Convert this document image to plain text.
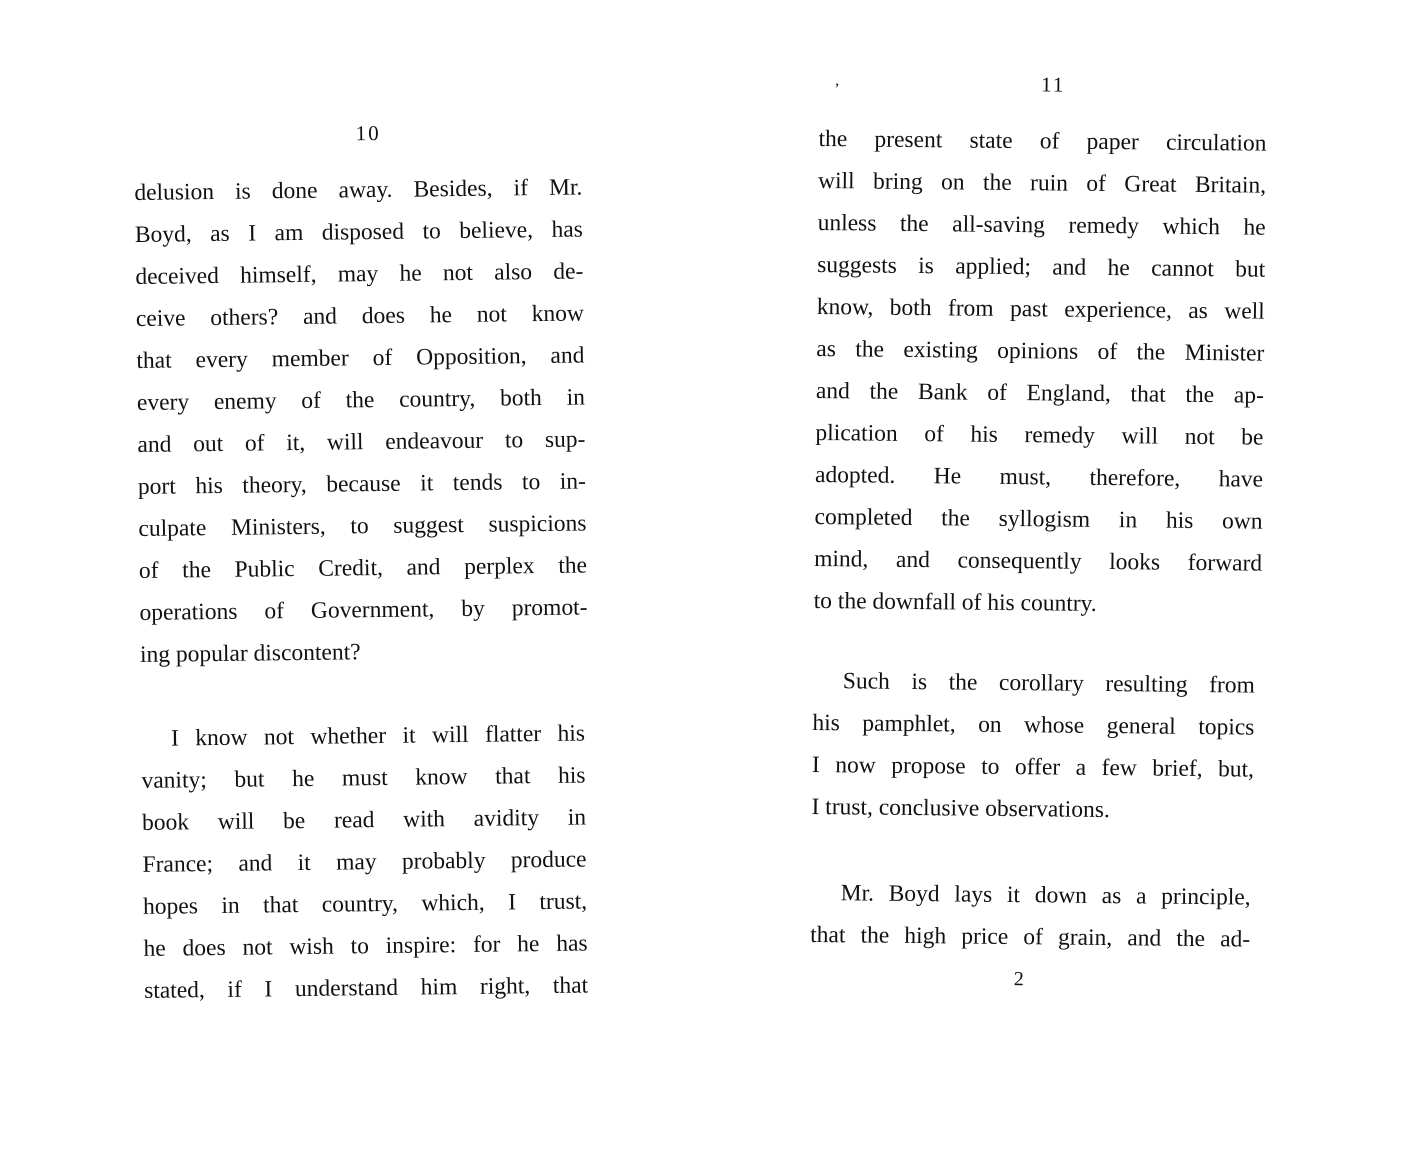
10
delusion is done away. Besides, if Mr.
Boyd, as I am disposed to believe, has
deceived himself, may he not also de-
ceive others? and does he not know
that every member of Opposition, and
every enemy of the country, both in
and out of it, will endeavour to sup-
port his theory, because it tends to in-
culpate Ministers, to suggest suspicions
of the Public Credit, and perplex the
operations of Government, by promot-
ing popular discontent?
I know not whether it will flatter his
vanity; but he must know that his
book will be read with avidity in
France; and it may probably produce
hopes in that country, which, I trust,
he does not wish to inspire: for he has
stated, if I understand him right, that
,	11
the present state of paper circulation
will bring on the ruin of Great Britain,
unless the all-saving remedy which he
suggests is applied; and he cannot but
know, both from past experience, as well
as the existing opinions of the Minister
and the Bank of England, that the ap-
plication of his remedy will not be
adopted. He must, therefore, have
completed the syllogism in his own
mind, and consequently looks forward
to the downfall of his country.
Such is the corollary resulting from
his pamphlet, on whose general topics
I now propose to offer a few brief, but,
I trust, conclusive observations.
Mr. Boyd lays it down as a principle,
that the high price of grain, and the ad-
2
